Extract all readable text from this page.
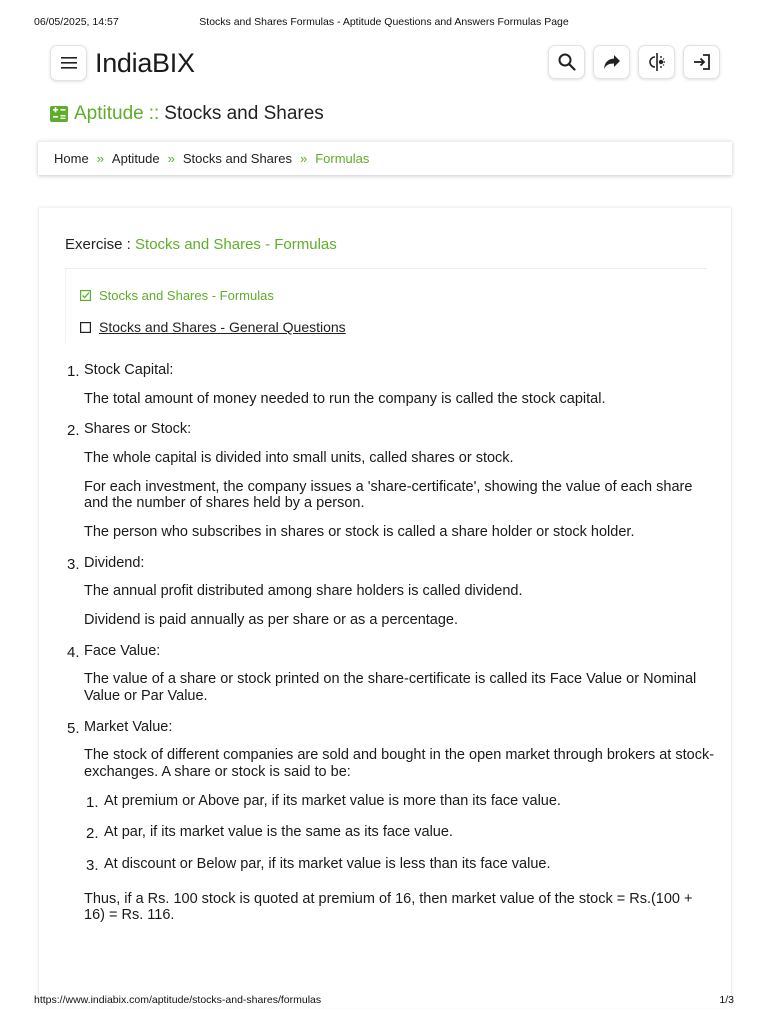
06/05/2025, 14:57	Stocks and Shares Formulas - Aptitude Questions and Answers Formulas Page
IndiaBIX
Aptitude :: Stocks and Shares
Home » Aptitude » Stocks and Shares » Formulas
Exercise : Stocks and Shares - Formulas
Stocks and Shares - Formulas
Stocks and Shares - General Questions
1. Stock Capital:

The total amount of money needed to run the company is called the stock capital.

2. Shares or Stock:

The whole capital is divided into small units, called shares or stock.

For each investment, the company issues a 'share-certificate', showing the value of each share and the number of shares held by a person.

The person who subscribes in shares or stock is called a share holder or stock holder.

3. Dividend:

The annual profit distributed among share holders is called dividend.

Dividend is paid annually as per share or as a percentage.

4. Face Value:

The value of a share or stock printed on the share-certificate is called its Face Value or Nominal Value or Par Value.

5. Market Value:

The stock of different companies are sold and bought in the open market through brokers at stock-exchanges. A share or stock is said to be:

1. At premium or Above par, if its market value is more than its face value.
2. At par, if its market value is the same as its face value.
3. At discount or Below par, if its market value is less than its face value.

Thus, if a Rs. 100 stock is quoted at premium of 16, then market value of the stock = Rs.(100 + 16) = Rs. 116.

https://www.indiabix.com/aptitude/stocks-and-shares/formulas	1/3
